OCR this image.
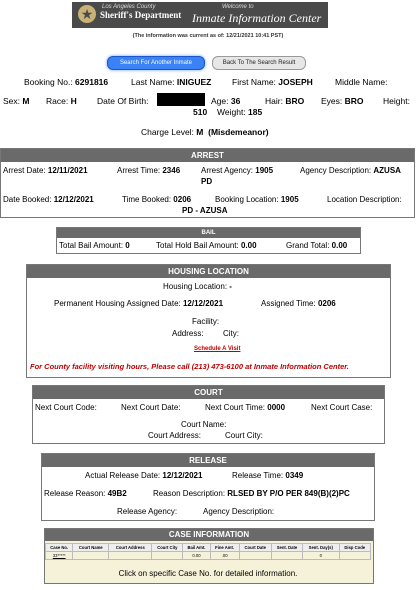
★	Los Angeles County
Sheriff's Department
Welcome to
Inmate Information Center
(The information was current as of: 12/21/2021 10:41 PST)
Search For Another Inmate	Back To The Search Result
Booking No.: 6291816	Last Name: INIGUEZ First Name: JOSEPH	Middle Name:
Sex: M Race: H Date Of Birth:	Age: 36	Hair: BRO Eyes: BRO Height:
510 Weight: 185
Charge Level: M (Misdemeanor)
ARREST
Arrest Date: 12/11/2021	Arrest Time: 2346	Arrest Agency: 1905	Agency Description: AZUSA
PD
Date Booked: 12/12/2021	Time Booked: 0206	Booking Location: 1905	Location Description:
PD - AZUSA
BAIL
Total Bail Amount: 0	Total Hold Bail Amount: 0.00	Grand Total: 0.00
HOUSING LOCATION
Housing Location: -
Permanent Housing Assigned Date: 12/12/2021	Assigned Time: 0206
Facility:
Address: City:
Schedule A Visit
For County facility visiting hours, Please call (213) 473-6100 at Inmate Information Center.
COURT
Next Court Code:	Next Court Date:	Next Court Time: 0000	Next Court Case:
Court Name:
Court Address:	Court City:
RELEASE
Actual Release Date: 12/12/2021	Release Time: 0349
Release Reason: 49B2	Reason Description: RLSED BY P/O PER 849(B)(2)PC
Release Agency:	Agency Description:
CASE INFORMATION
Case No.	Court Name	Court Address	Court City	Bail Amt.	Fine Amt.	Court Date	Sent. Date	Sent. Day(s)	Disp Code
33*****				0.00	.00			0	
Click on specific Case No. for detailed information.
